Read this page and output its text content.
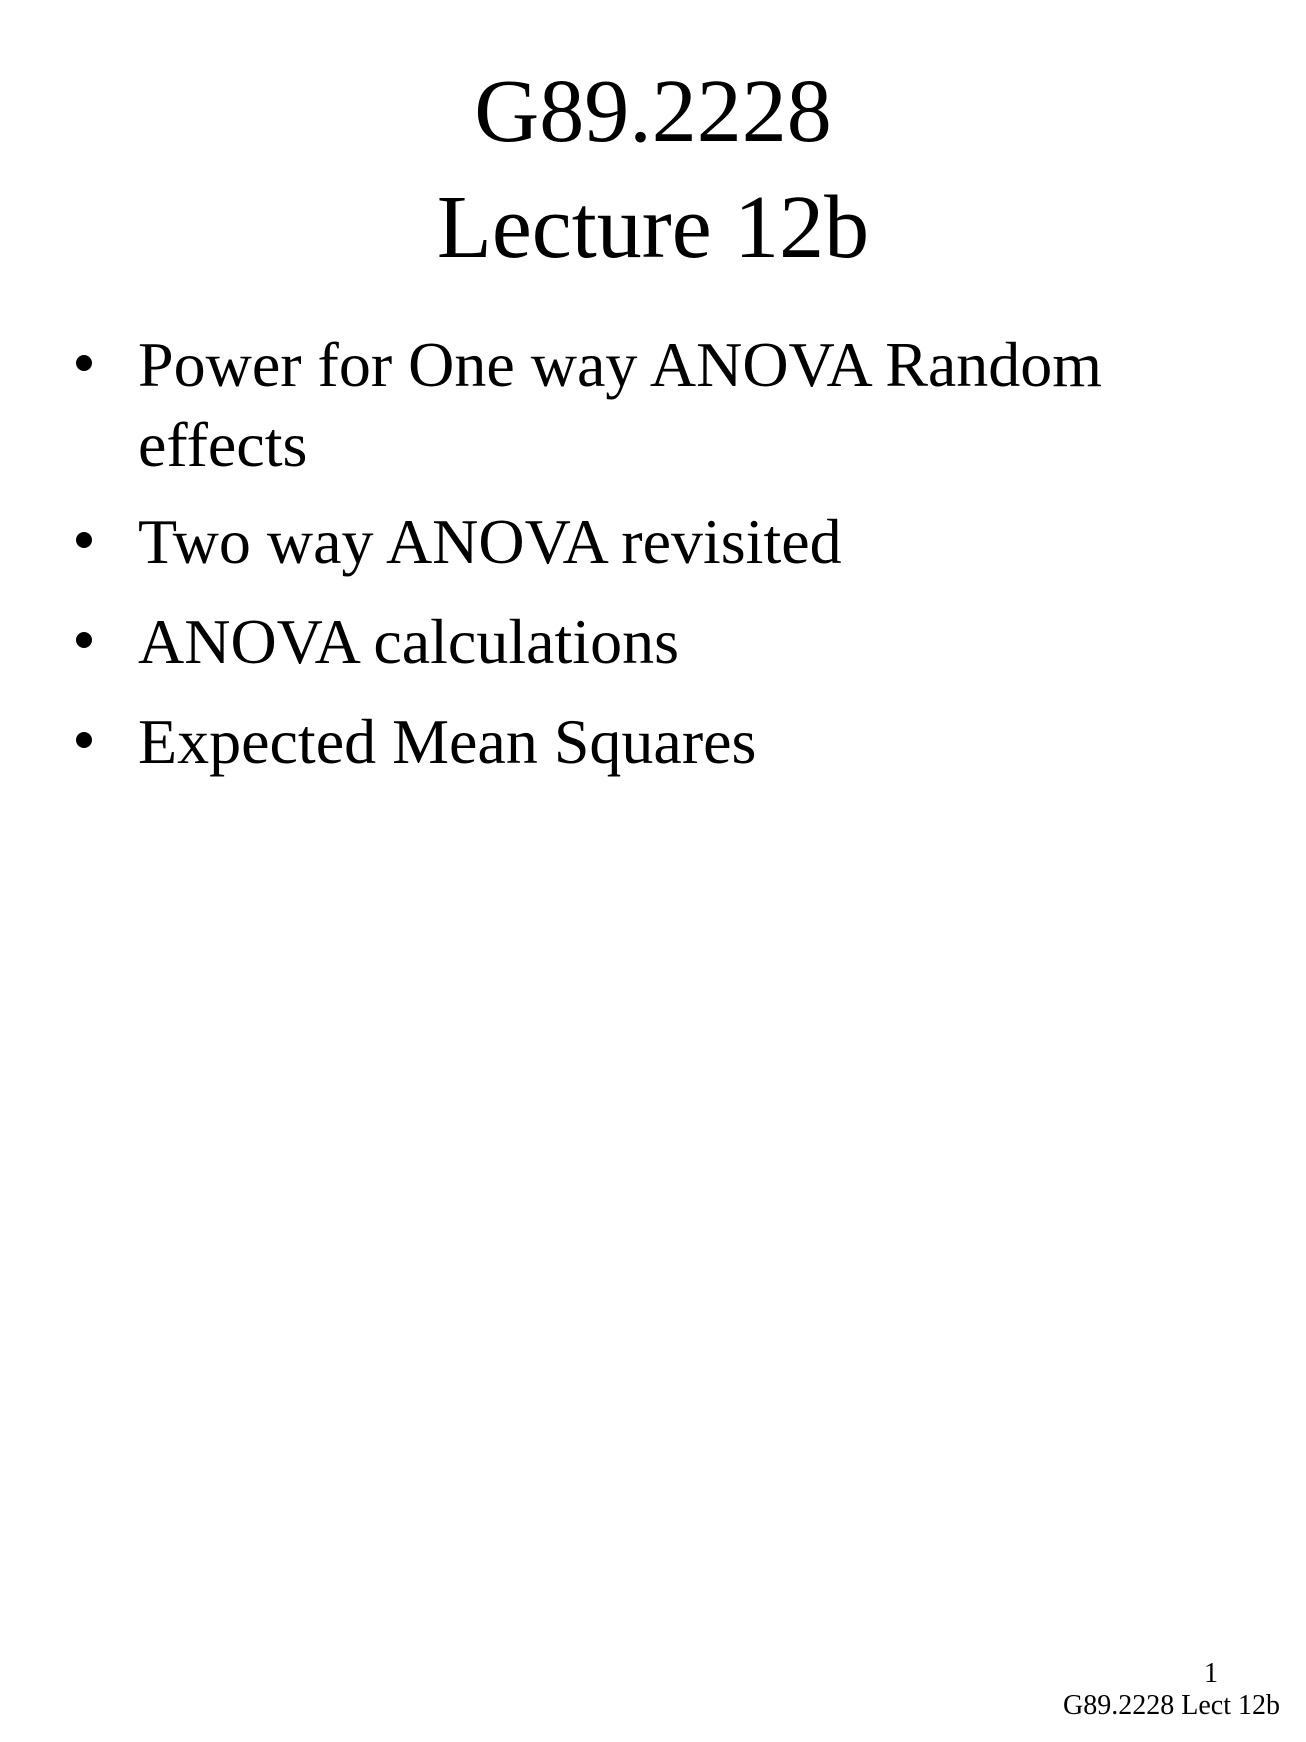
G89.2228
Lecture 12b
Power for One way ANOVA Random effects
Two way ANOVA revisited
ANOVA calculations
Expected Mean Squares
1
G89.2228 Lect 12b
